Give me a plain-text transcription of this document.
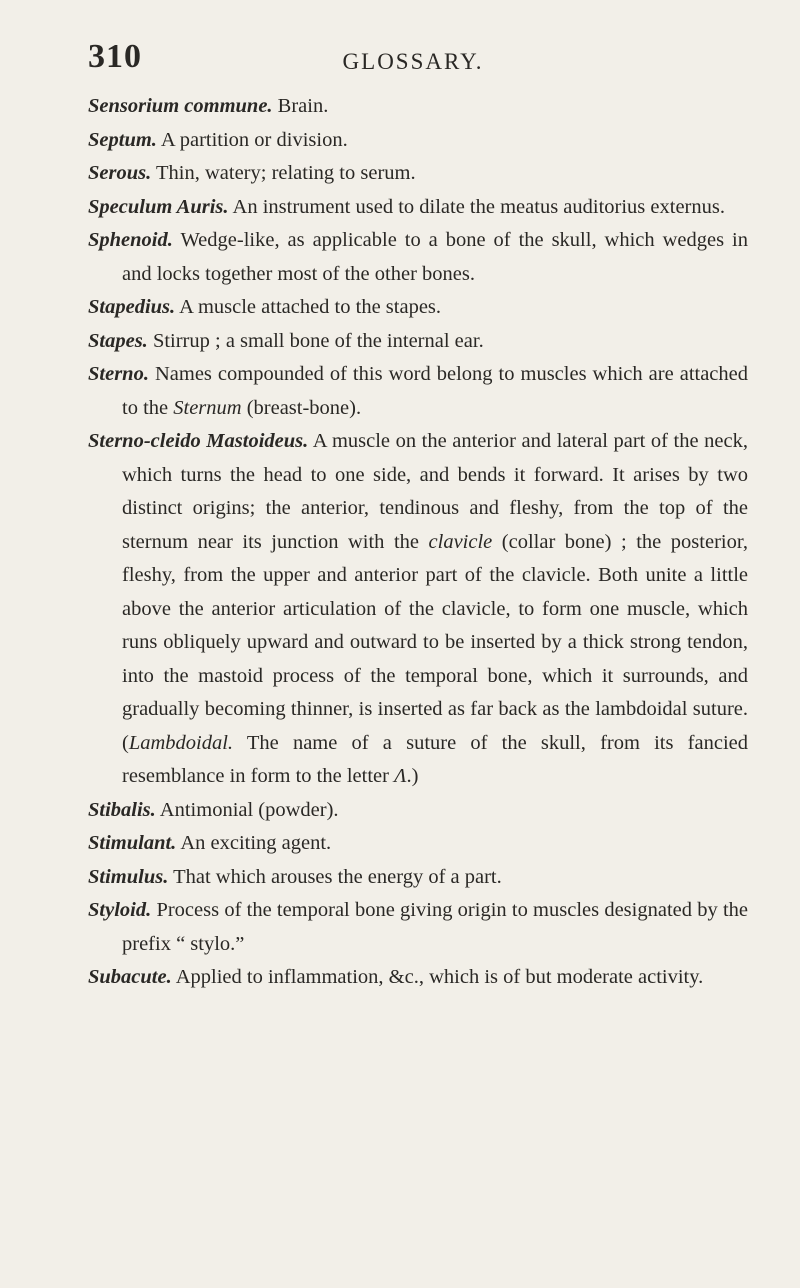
310	GLOSSARY.

Sensorium commune. Brain.

Septum. A partition or division.

Serous. Thin, watery; relating to serum.

Speculum Auris. An instrument used to dilate the meatus auditorius externus.

Sphenoid. Wedge-like, as applicable to a bone of the skull, which wedges in and locks together most of the other bones.

Stapedius. A muscle attached to the stapes.

Stapes. Stirrup ; a small bone of the internal ear.

Sterno. Names compounded of this word belong to muscles which are attached to the Sternum (breast-bone).

Sterno-cleido Mastoideus. A muscle on the anterior and lateral part of the neck, which turns the head to one side, and bends it forward. It arises by two distinct origins; the anterior, tendinous and fleshy, from the top of the sternum near its junction with the clavicle (collar bone) ; the posterior, fleshy, from the upper and anterior part of the clavicle. Both unite a little above the anterior articulation of the clavicle, to form one muscle, which runs obliquely upward and outward to be inserted by a thick strong tendon, into the mastoid process of the temporal bone, which it surrounds, and gradually becoming thinner, is inserted as far back as the lambdoidal suture. (Lambdoidal. The name of a suture of the skull, from its fancied resemblance in form to the letter Λ.)

Stibalis. Antimonial (powder).

Stimulant. An exciting agent.

Stimulus. That which arouses the energy of a part.

Styloid. Process of the temporal bone giving origin to muscles designated by the prefix “ stylo.”

Subacute. Applied to inflammation, &c., which is of but moderate activity.
